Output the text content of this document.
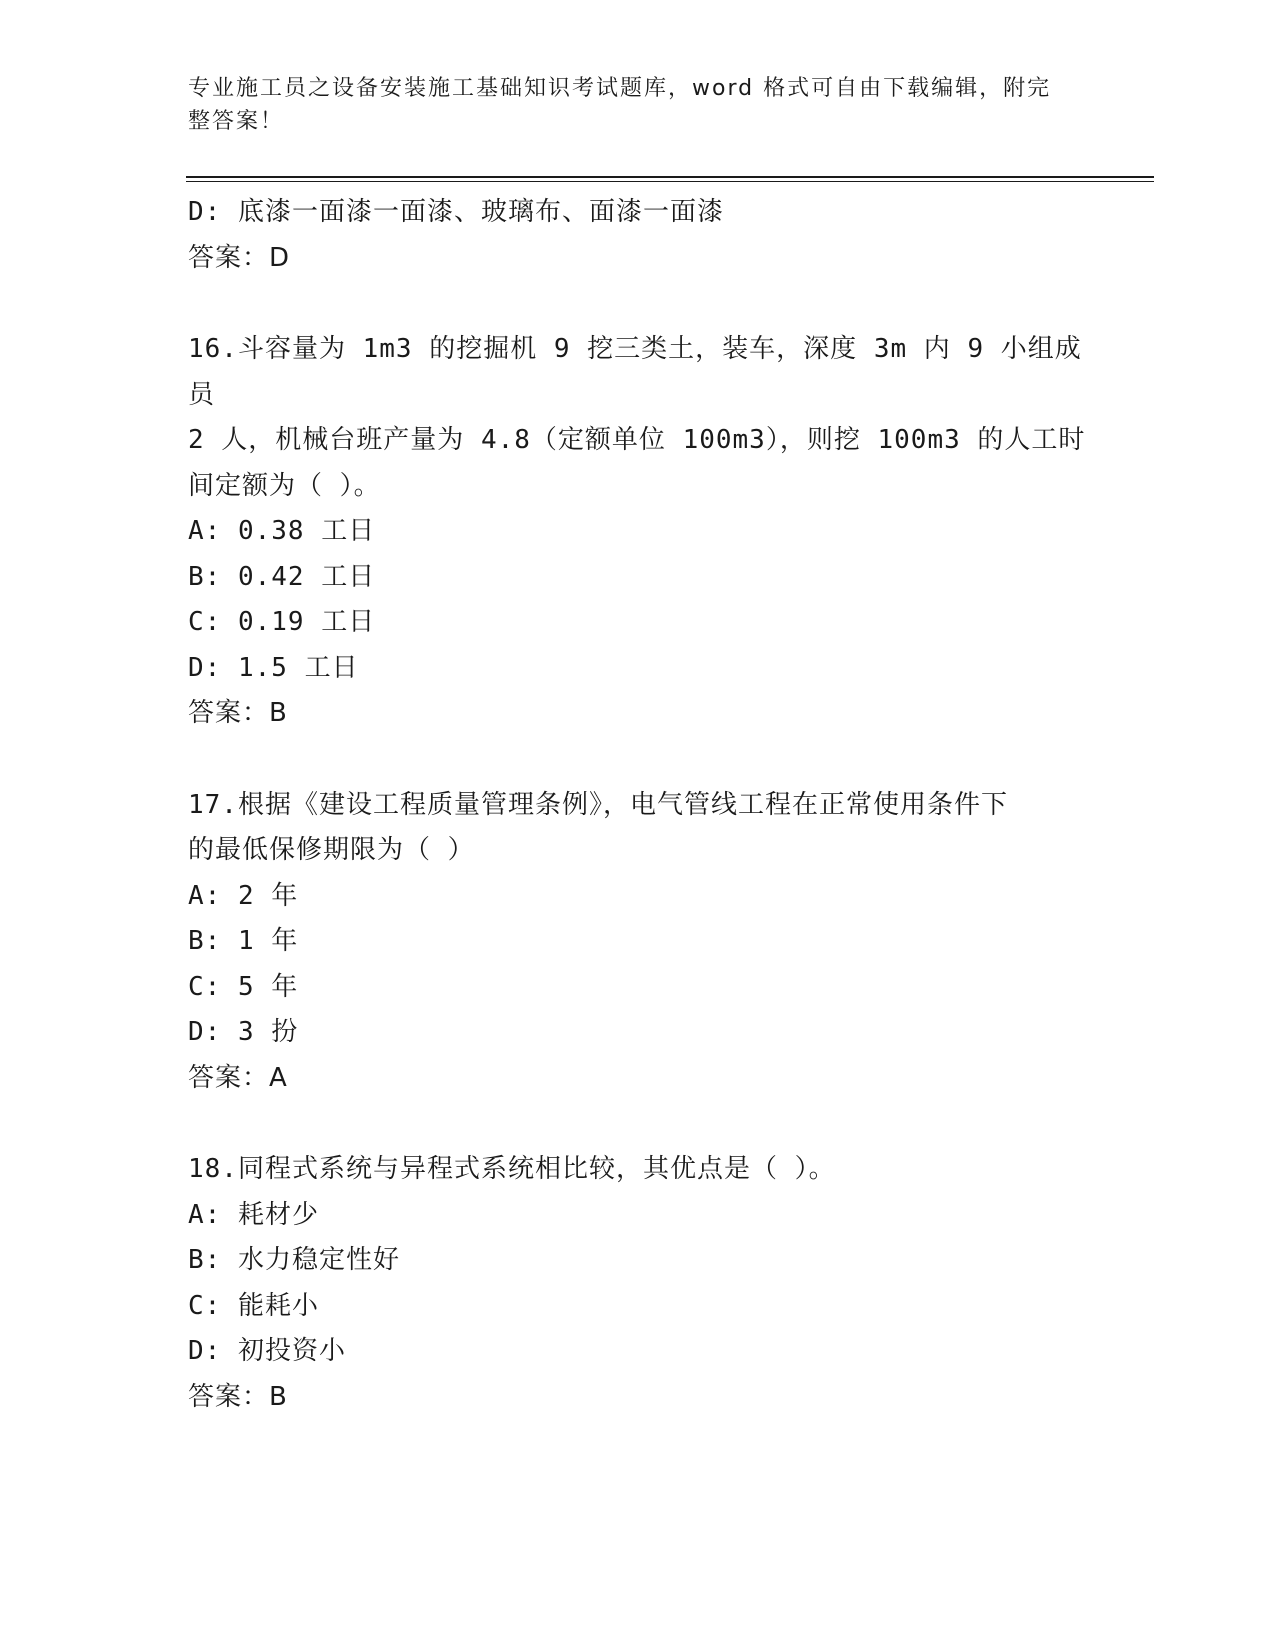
专业施工员之设备安装施工基础知识考试题库，word 格式可自由下载编辑，附完
整答案！
D: 底漆一面漆一面漆、玻璃布、面漆一面漆
答案：D
16.斗容量为 1m3 的挖掘机 9 挖三类土，装车，深度 3m 内 9 小组成员
2 人，机械台班产量为 4.8（定额单位 100m3），则挖 100m3 的人工时
间定额为（ ）。
A: 0.38 工日
B: 0.42 工日
C: 0.19 工日
D: 1.5 工日
答案：B
17.根据《建设工程质量管理条例》，电气管线工程在正常使用条件下
的最低保修期限为（ ）
A: 2 年
B: 1 年
C: 5 年
D: 3 扮
答案：A
18.同程式系统与异程式系统相比较，其优点是（ ）。
A: 耗材少
B: 水力稳定性好
C: 能耗小
D: 初投资小
答案：B
